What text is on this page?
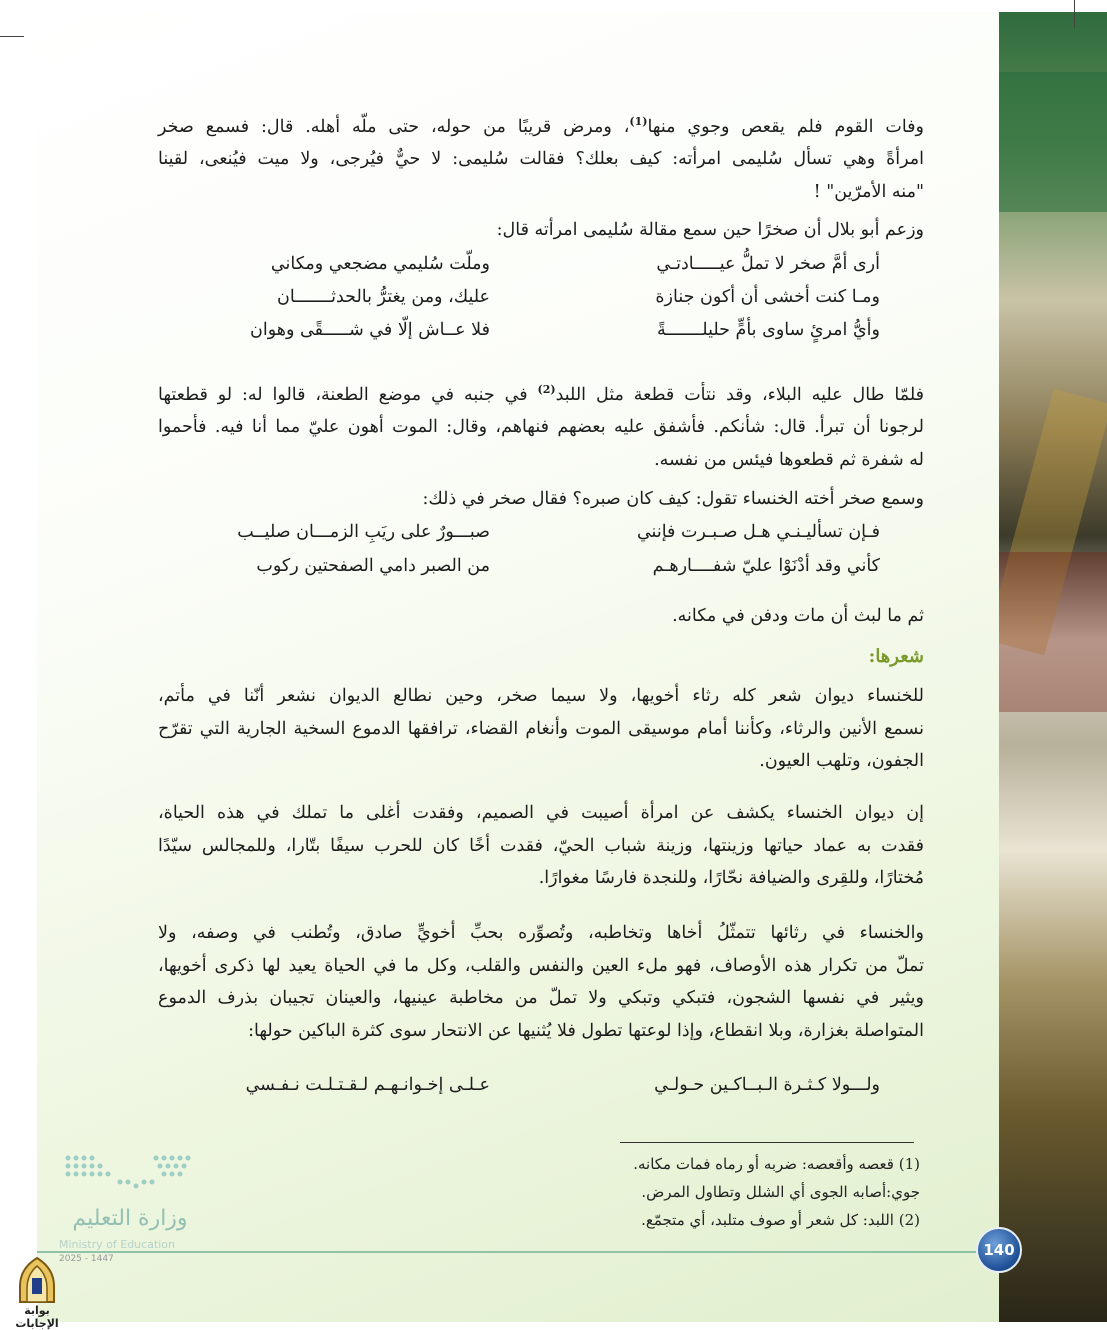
وفات القوم فلم يقعص وجوي منها$^{(1)}$، ومرض قريبًا من حوله، حتى ملّه أهله. قال: فسمع صخر
امرأةً وهي تسأل سُليمى امرأته: كيف بعلك؟ فقالت سُليمى: لا حيٌّ فيُرجى، ولا ميت فيُنعى، لقينا
"منه الأمرّين" !
وزعم أبو بلال أن صخرًا حين سمع مقالة سُليمى امرأته قال:
أرى أمَّ صخر لا تملُّ عيـــــادتـي
وملّت سُليمي مضجعي ومكاني
ومـا كنت أخشى أن أكون جنازة
عليك، ومن يغترُّ بالحدثـــــــان
وأيُّ امرئٍ ساوى بأمٍّ حليلـــــــةً
فلا عــاش إلّا في شـــــقًى وهوان
فلمّا طال عليه البلاء، وقد نتأت قطعة مثل اللبد$^{(2)}$ في جنبه في موضع الطعنة، قالوا له: لو قطعتها
لرجونا أن تبرأ. قال: شأنكم. فأشفق عليه بعضهم فنهاهم، وقال: الموت أهون عليّ مما أنا فيه. فأحموا
له شفرة ثم قطعوها فيئس من نفسه.
وسمع صخر أخته الخنساء تقول: كيف كان صبره؟ فقال صخر في ذلك:
فـإن تسأليـنـي هـل صـبـرت فإنني
صبـــورٌ على ريَبِ الزمـــان صليــب
كأني وقد أدْنَوْا عليّ شفــــارهـم
من الصبر دامي الصفحتين ركوب
ثم ما لبث أن مات ودفن في مكانه.
شعرها:
للخنساء ديوان شعر كله رثاء أخويها، ولا سيما صخر، وحين نطالع الديوان نشعر أنّنا في مأتم،
نسمع الأنين والرثاء، وكأننا أمام موسيقى الموت وأنغام القضاء، ترافقها الدموع السخية الجارية التي تقرّح
الجفون، وتلهب العيون.
إن ديوان الخنساء يكشف عن امرأة أصيبت في الصميم، وفقدت أغلى ما تملك في هذه الحياة،
فقدت به عماد حياتها وزينتها، وزينة شباب الحيّ، فقدت أخًا كان للحرب سيفًا بتّارا، وللمجالس سيّدًا
مُختارًا، وللقِرى والضيافة نحّارًا، وللنجدة فارسًا مغوارًا.
والخنساء في رثائها تتمثّلُ أخاها وتخاطبه، وتُصوِّره بحبِّ أخويٍّ صادق، وتُطنب في وصفه، ولا
تملّ من تكرار هذه الأوصاف، فهو ملء العين والنفس والقلب، وكل ما في الحياة يعيد لها ذكرى أخويها،
ويثير في نفسها الشجون، فتبكي وتبكي ولا تملّ من مخاطبة عينيها، والعينان تجيبان بذرف الدموع
المتواصلة بغزارة، وبلا انقطاع، وإذا لوعتها تطول فلا يُثنيها عن الانتحار سوى كثرة الباكين حولها:
ولـــولا كـثـرة الـبــاكـين حـولـي
عـلـى إخـوانـهـم لـقـتـلـت نـفـسي
(1) قعصه وأقعصه: ضربه أو رماه فمات مكانه.
جوي:أصابه الجوى أي الشلل وتطاول المرض.
(2) اللبد: كل شعر أو صوف متلبد، أي متجمّع.
140
وزارة التعليم
Ministry of Education
2025 - 1447
بوابة الإجابات
